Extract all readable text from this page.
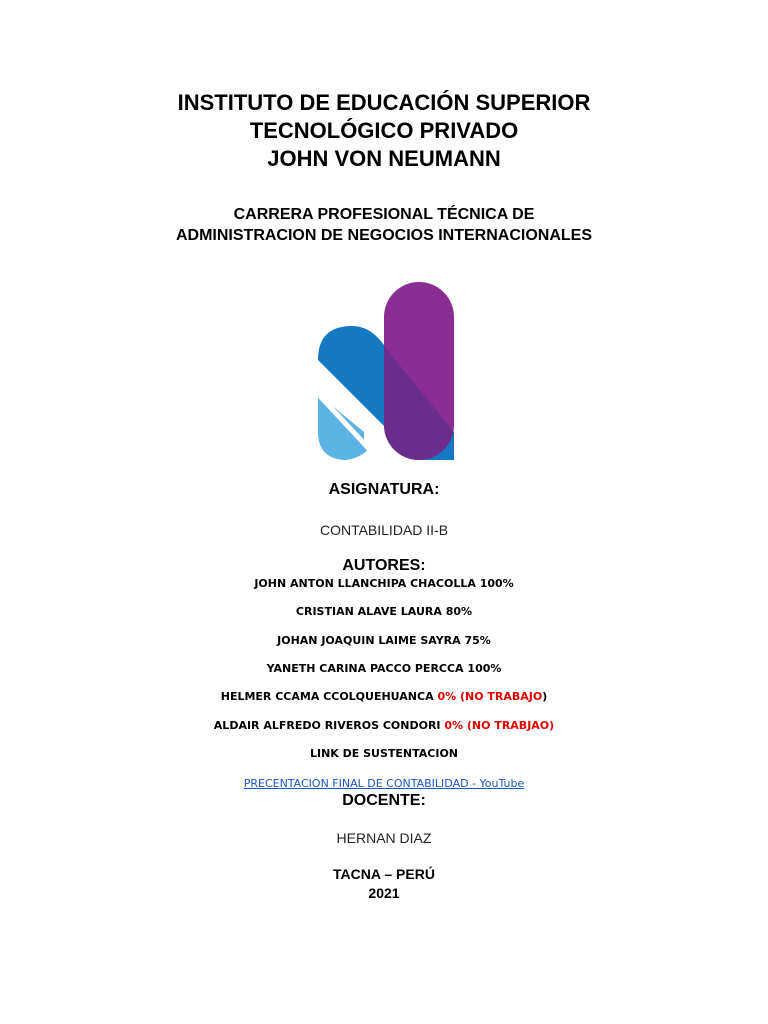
INSTITUTO DE EDUCACIÓN SUPERIOR
TECNOLÓGICO PRIVADO
JOHN VON NEUMANN
CARRERA PROFESIONAL TÉCNICA DE
ADMINISTRACION DE NEGOCIOS INTERNACIONALES
ASIGNATURA:
CONTABILIDAD II-B
AUTORES:
JOHN ANTON LLANCHIPA CHACOLLA 100%
CRISTIAN ALAVE LAURA 80%
JOHAN JOAQUIN LAIME SAYRA 75%
YANETH CARINA PACCO PERCCA 100%
HELMER CCAMA CCOLQUEHUANCA 0% (NO TRABAJO)
ALDAIR ALFREDO RIVEROS CONDORI 0% (NO TRABJAO)
LINK DE SUSTENTACION
PRECENTACION FINAL DE CONTABILIDAD - YouTube
DOCENTE:
HERNAN DIAZ
TACNA – PERÚ
2021
